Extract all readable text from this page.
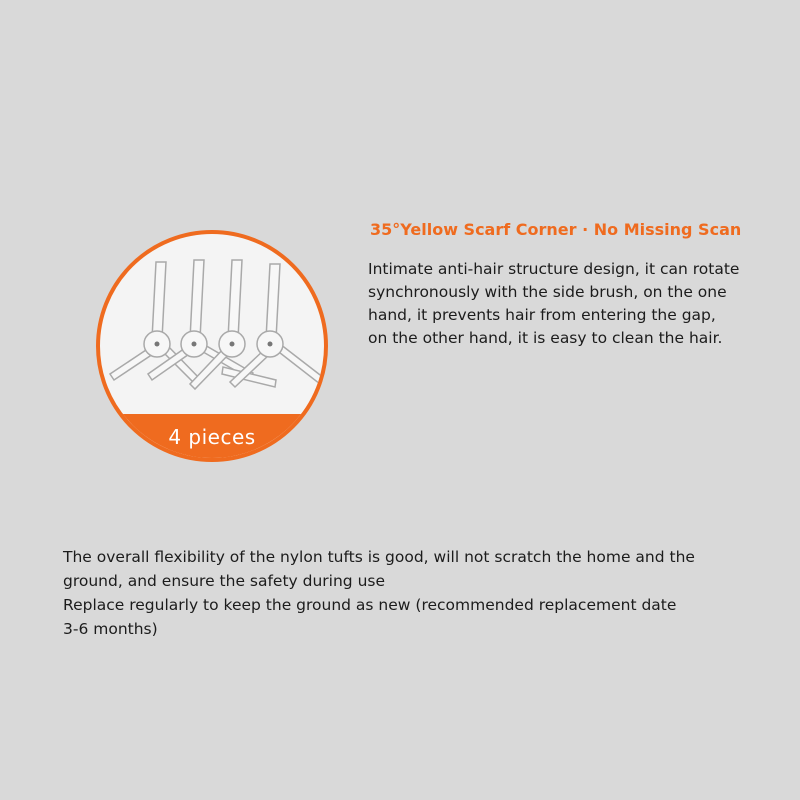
4 pieces
35°Yellow Scarf Corner · No Missing Scan
Intimate anti-hair structure design, it can rotate
synchronously with the side brush, on the one
hand, it prevents hair from entering the gap,
on the other hand, it is easy to clean the hair.
The overall flexibility of the nylon tufts is good, will not scratch the home and the
ground, and ensure the safety during use
Replace regularly to keep the ground as new (recommended replacement date
3-6 months)
